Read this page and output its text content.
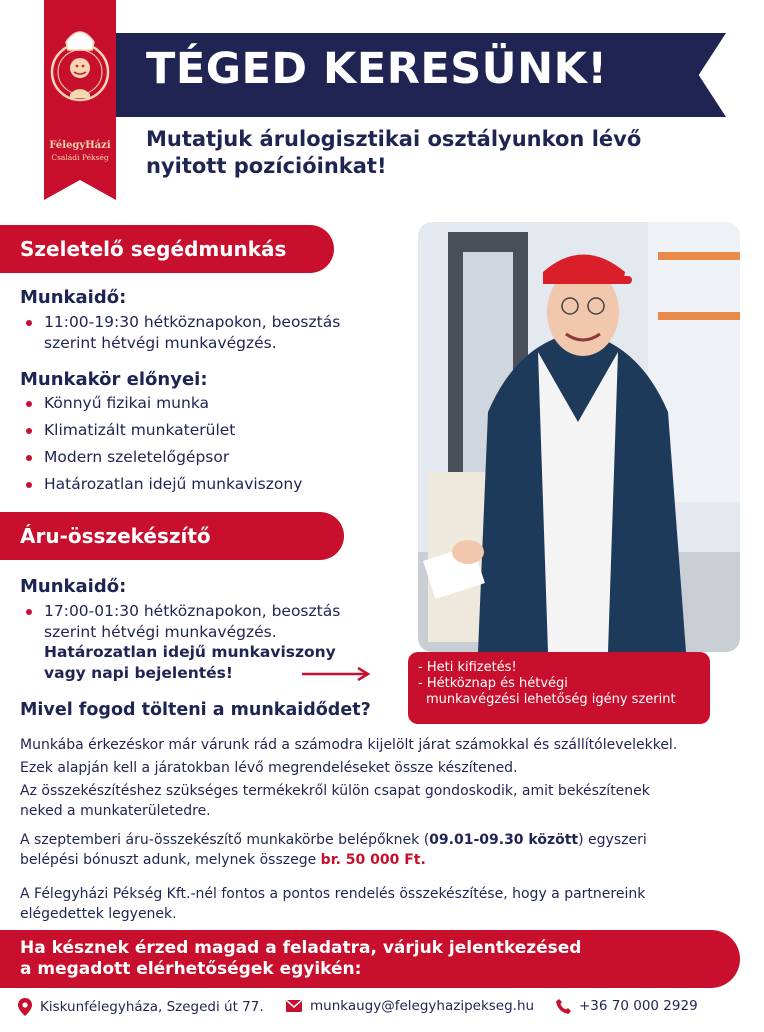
TÉGED KERESÜNK!
FélegyHázi
Családi Pékség
Mutatjuk árulogisztikai osztályunkon lévő
nyitott pozícióinkat!
Szeletelő segédmunkás
Munkaidő:
11:00-19:30 hétköznapokon, beosztás
szerint hétvégi munkavégzés.
Munkakör előnyei:
Könnyű fizikai munka
Klimatizált munkaterület
Modern szeletelőgépsor
Határozatlan idejű munkaviszony
Áru-összekészítő
Munkaidő:
17:00-01:30 hétköznapokon, beosztás
szerint hétvégi munkavégzés.
Határozatlan idejű munkaviszony
vagy napi bejelentés!	- Heti kifizetés!
- Hétköznap és hétvégi
munkavégzési lehetőség igény szerint
Mivel fogod tölteni a munkaidődet?
Munkába érkezéskor már várunk rád a számodra kijelölt járat számokkal és szállítólevelekkel.
Ezek alapján kell a járatokban lévő megrendeléseket össze készítened.
Az összekészítéshez szükséges termékekről külön csapat gondoskodik, amit bekészítenek
neked a munkaterületedre.
A szeptemberi áru-összekészítő munkakörbe belépőknek (09.01-09.30 között) egyszeri
belépési bónuszt adunk, melynek összege br. 50 000 Ft.
A Félegyházi Pékség Kft.-nél fontos a pontos rendelés összekészítése, hogy a partnereink
elégedettek legyenek.
Ha késznek érzed magad a feladatra, várjuk jelentkezésed
a megadott elérhetőségek egyikén:
Kiskunfélegyháza, Szegedi út 77.	munkaugy@felegyhazipekseg.hu	+36 70 000 2929
